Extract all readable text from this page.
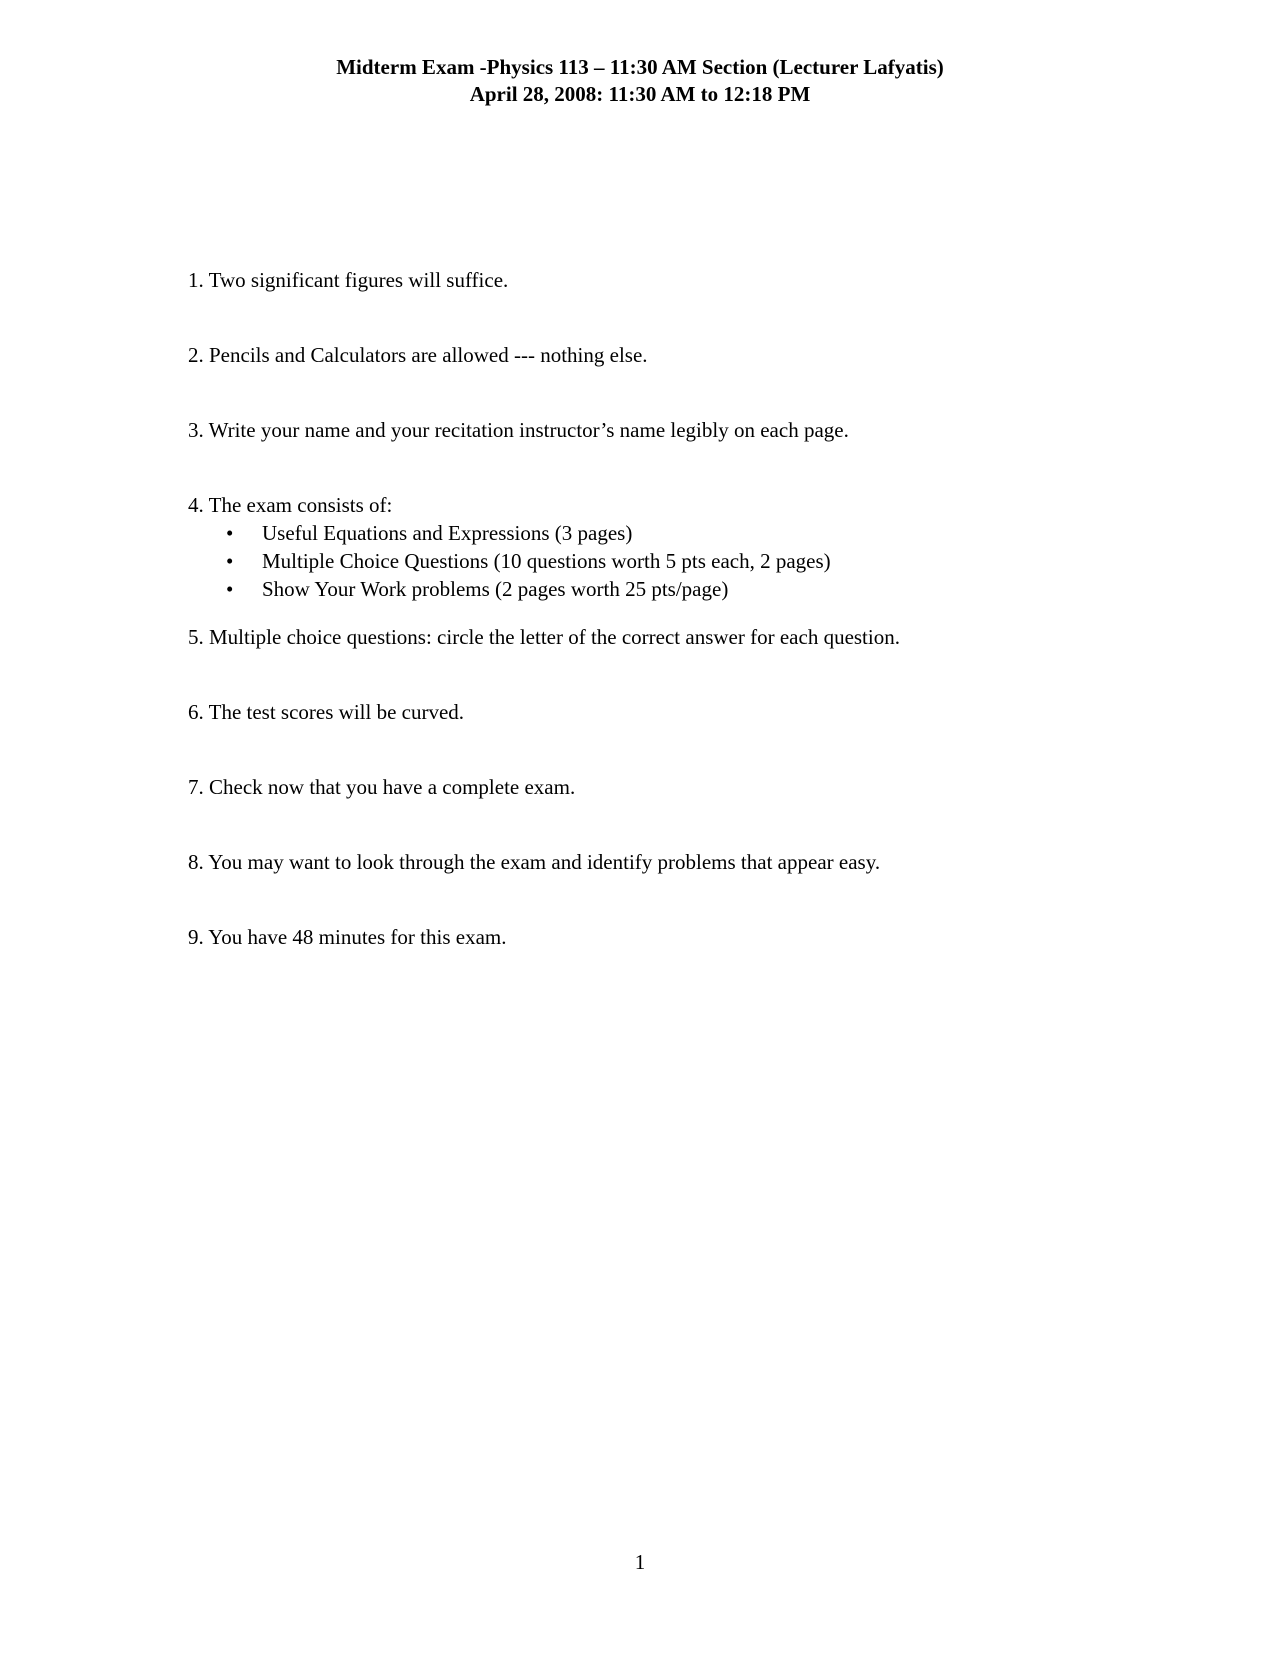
Midterm Exam -Physics 113 – 11:30 AM Section (Lecturer Lafyatis)
April 28, 2008: 11:30 AM to 12:18 PM
1. Two significant figures will suffice.
2. Pencils and Calculators are allowed --- nothing else.
3. Write your name and your recitation instructor’s name legibly on each page.
4. The exam consists of:
• Useful Equations and Expressions (3 pages)
• Multiple Choice Questions (10 questions worth 5 pts each, 2 pages)
• Show Your Work problems (2 pages worth 25 pts/page)
5. Multiple choice questions: circle the letter of the correct answer for each question.
6. The test scores will be curved.
7. Check now that you have a complete exam.
8. You may want to look through the exam and identify problems that appear easy.
9. You have 48 minutes for this exam.
1
